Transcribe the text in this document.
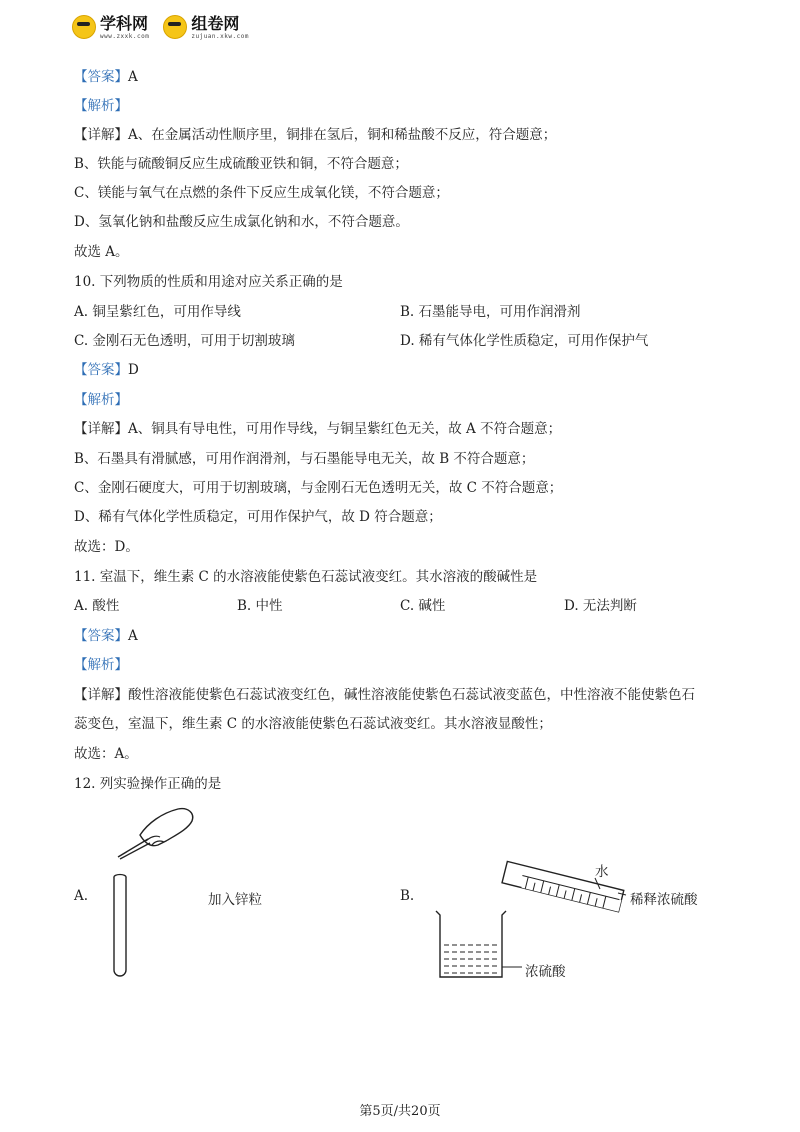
学科网
www.zxxk.com
组卷网
zujuan.xkw.com
【答案】A
【解析】
【详解】A、在金属活动性顺序里，铜排在氢后，铜和稀盐酸不反应，符合题意；
B、铁能与硫酸铜反应生成硫酸亚铁和铜，不符合题意；
C、镁能与氧气在点燃的条件下反应生成氧化镁，不符合题意；
D、氢氧化钠和盐酸反应生成氯化钠和水，不符合题意。
故选 A。
10. 下列物质的性质和用途对应关系正确的是
A. 铜呈紫红色，可用作导线	B. 石墨能导电，可用作润滑剂
C. 金刚石无色透明，可用于切割玻璃	D. 稀有气体化学性质稳定，可用作保护气
【答案】D
【解析】
【详解】A、铜具有导电性，可用作导线，与铜呈紫红色无关，故 A 不符合题意；
B、石墨具有滑腻感，可用作润滑剂，与石墨能导电无关，故 B 不符合题意；
C、金刚石硬度大，可用于切割玻璃，与金刚石无色透明无关，故 C 不符合题意；
D、稀有气体化学性质稳定，可用作保护气，故 D 符合题意；
故选：D。
11. 室温下，维生素 C 的水溶液能使紫色石蕊试液变红。其水溶液的酸碱性是
A. 酸性	B. 中性	C. 碱性	D. 无法判断
【答案】A
【解析】
【详解】酸性溶液能使紫色石蕊试液变红色，碱性溶液能使紫色石蕊试液变蓝色，中性溶液不能使紫色石
蕊变色，室温下，维生素 C 的水溶液能使紫色石蕊试液变红。其水溶液显酸性；
故选：A。
12. 列实验操作正确的是
A.	加入锌粒	B.
水
稀释浓硫酸
浓硫酸
第5页/共20页
